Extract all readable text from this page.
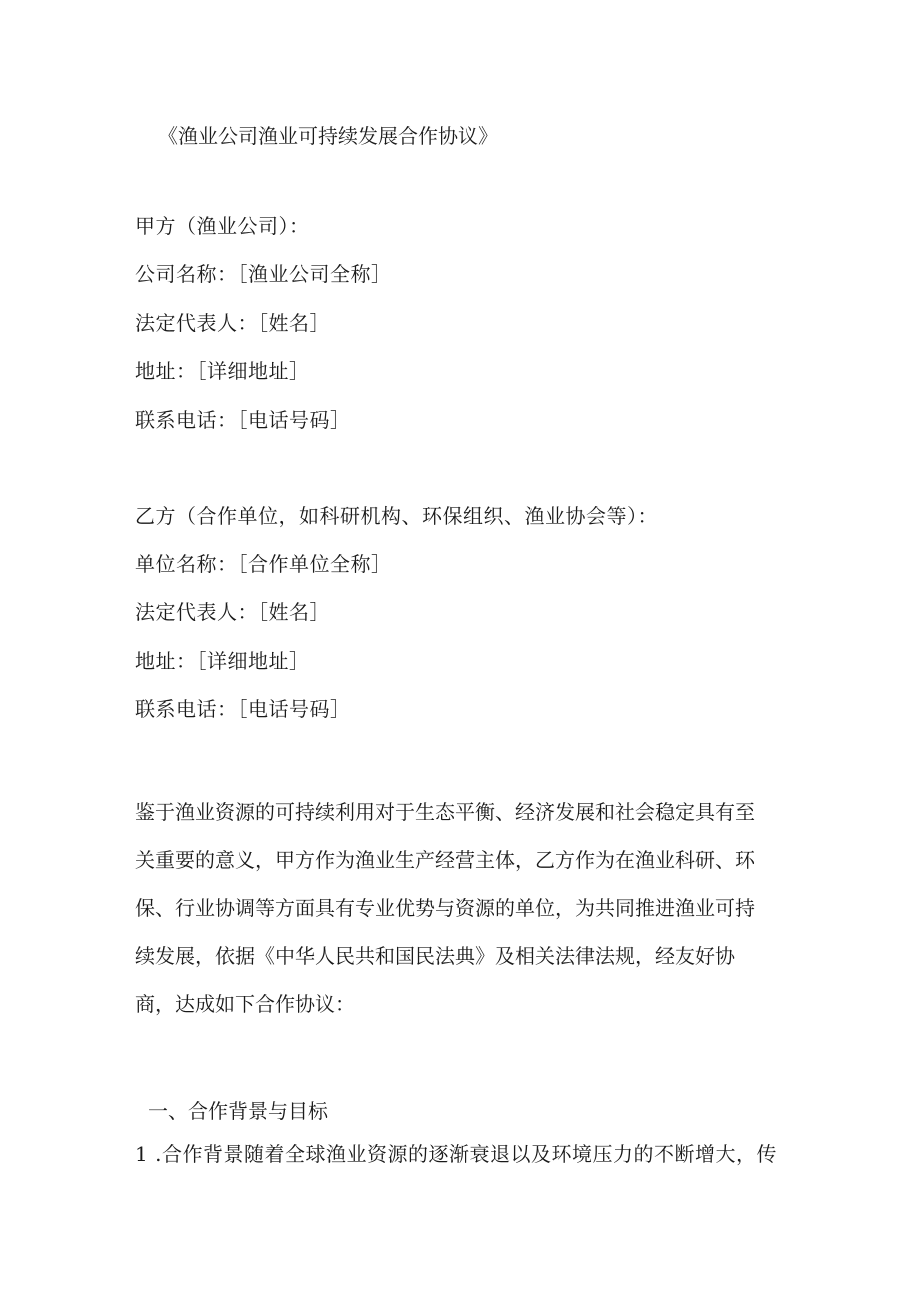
《渔业公司渔业可持续发展合作协议》
甲方（渔业公司）：
公司名称：［渔业公司全称］
法定代表人：［姓名］
地址：［详细地址］
联系电话：［电话号码］
乙方（合作单位，如科研机构、环保组织、渔业协会等）：
单位名称：［合作单位全称］
法定代表人：［姓名］
地址：［详细地址］
联系电话：［电话号码］
鉴于渔业资源的可持续利用对于生态平衡、经济发展和社会稳定具有至
关重要的意义，甲方作为渔业生产经营主体，乙方作为在渔业科研、环
保、行业协调等方面具有专业优势与资源的单位，为共同推进渔业可持
续发展，依据《中华人民共和国民法典》及相关法律法规，经友好协
商，达成如下合作协议：
一、合作背景与目标
1 .合作背景随着全球渔业资源的逐渐衰退以及环境压力的不断增大，传
